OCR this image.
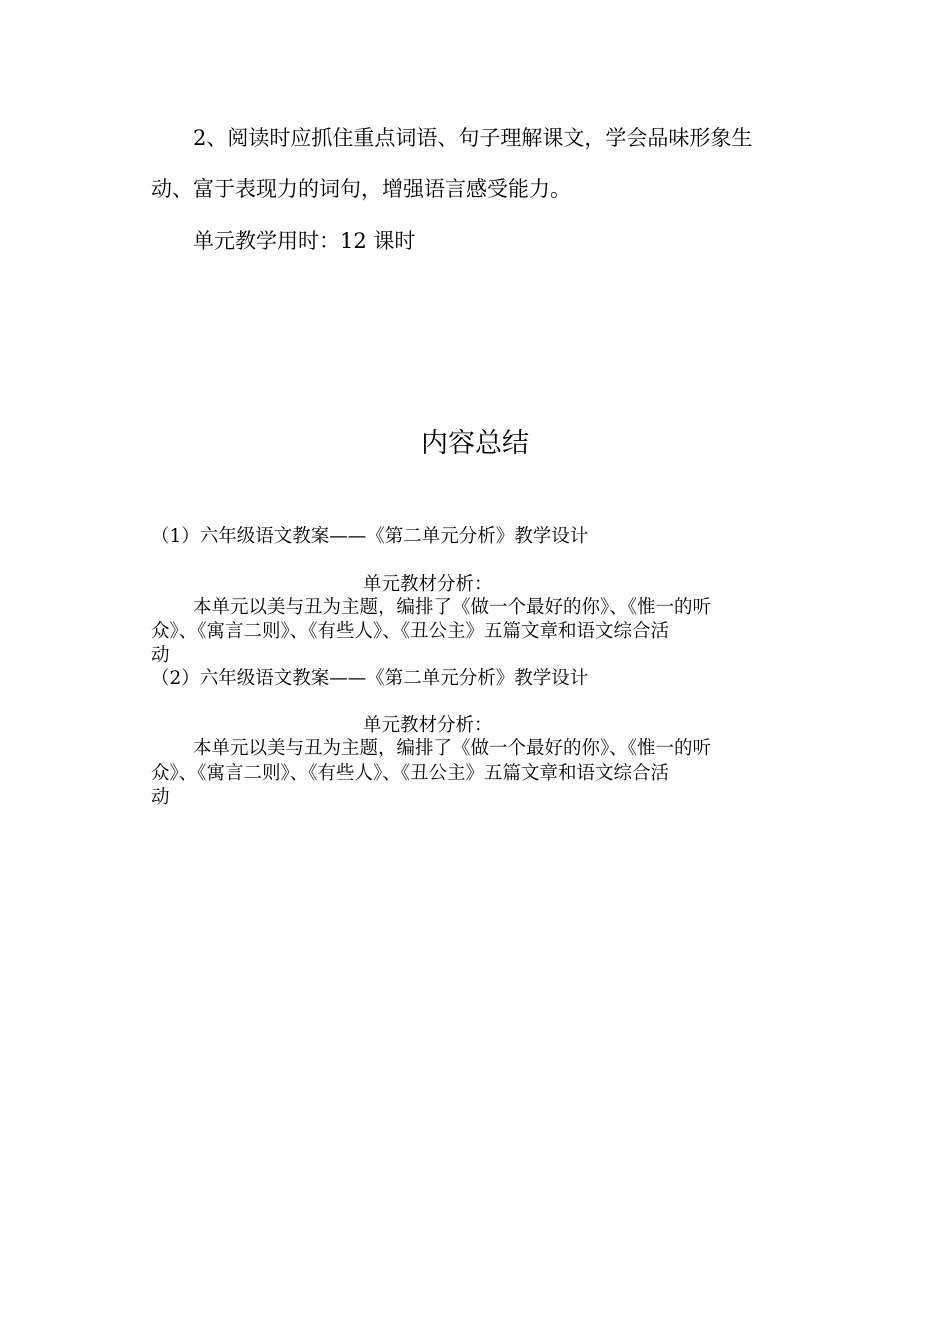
2、阅读时应抓住重点词语、句子理解课文，学会品味形象生
动、富于表现力的词句，增强语言感受能力。
单元教学用时：12 课时
内容总结
（1）六年级语文教案——《第二单元分析》教学设计
单元教材分析：
本单元以美与丑为主题，编排了《做一个最好的你》、《惟一的听
众》、《寓言二则》、《有些人》、《丑公主》五篇文章和语文综合活
动
（2）六年级语文教案——《第二单元分析》教学设计
单元教材分析：
本单元以美与丑为主题，编排了《做一个最好的你》、《惟一的听
众》、《寓言二则》、《有些人》、《丑公主》五篇文章和语文综合活
动
